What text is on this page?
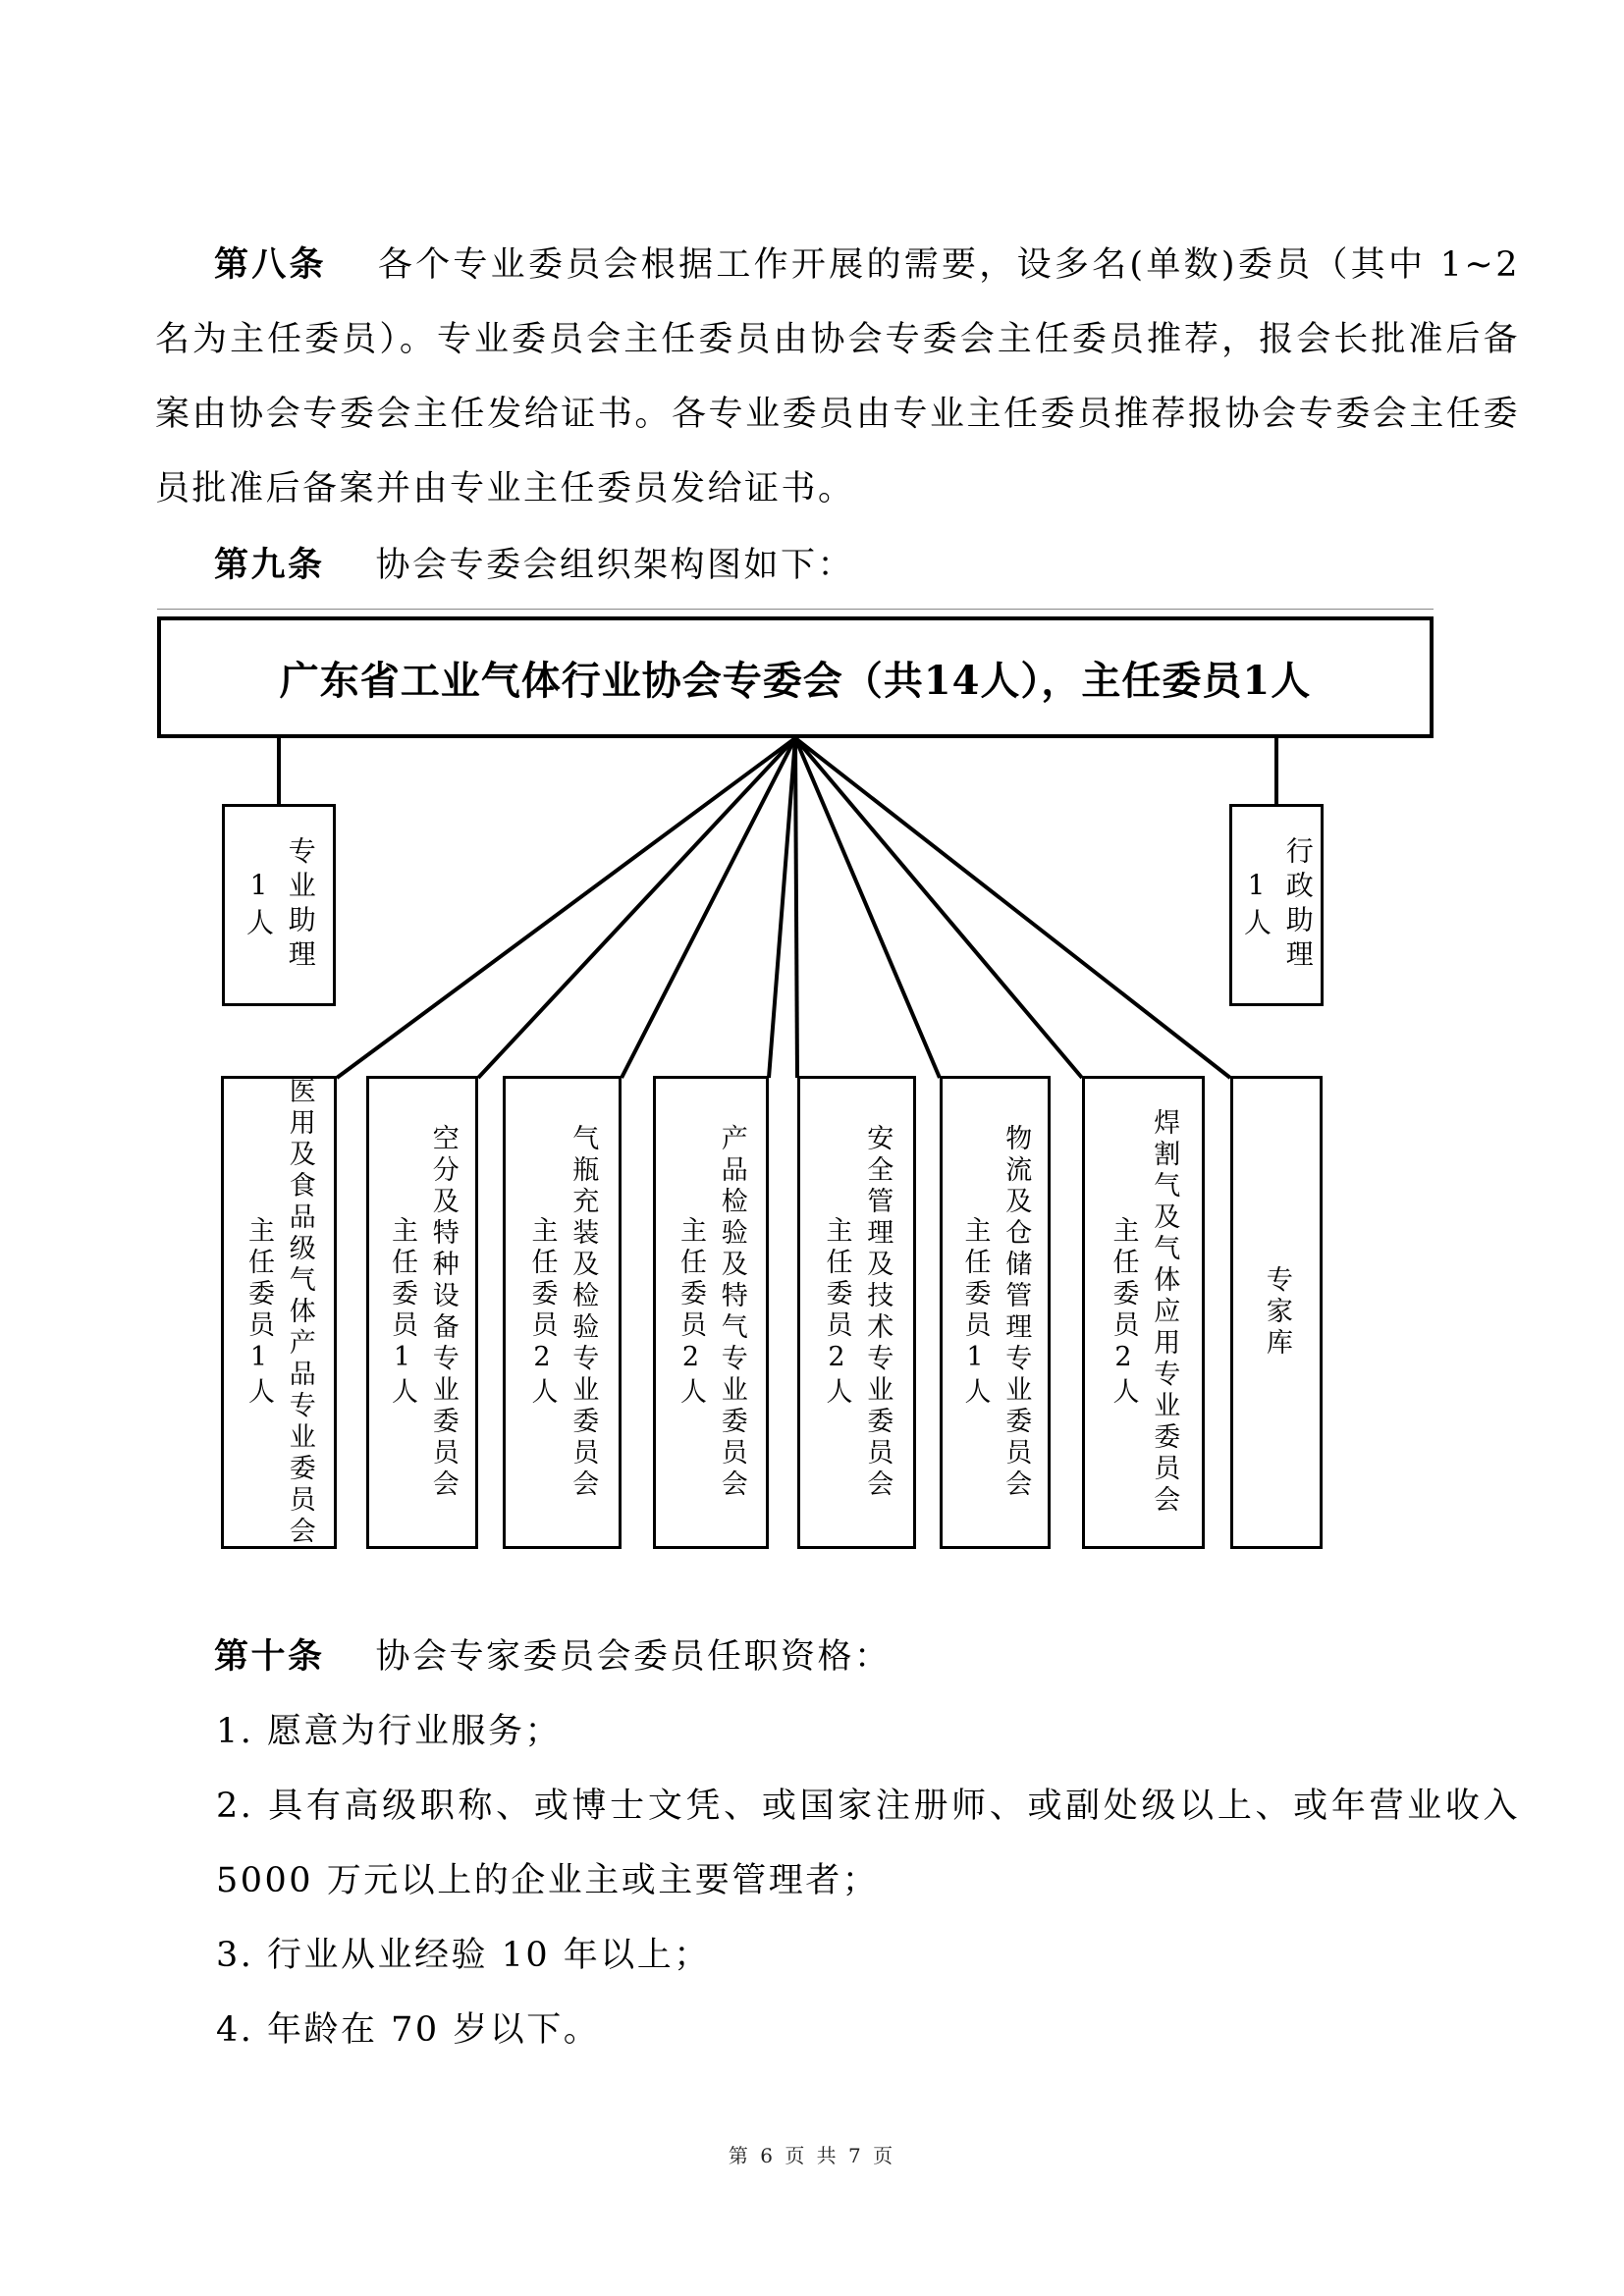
第八条 各个专业委员会根据工作开展的需要，设多名(单数)委员（其中 1~2 名为主任委员）。专业委员会主任委员由协会专委会主任委员推荐，报会长批准后备案由协会专委会主任发给证书。各专业委员由专业主任委员推荐报协会专委会主任委员批准后备案并由专业主任委员发给证书。

第九条 协会专委会组织架构图如下：

广东省工业气体行业协会专委会（共14人），主任委员1人
专业助理
1人	行政助理
1人
医用及食品级气体产品专业委员会
主任委员1人	空分及特种设备专业委员会
主任委员1人	气瓶充装及检验专业委员会
主任委员2人	产品检验及特气专业委员会
主任委员2人	安全管理及技术专业委员会
主任委员2人	物流及仓储管理专业委员会
主任委员1人	焊割气及气体应用专业委员会
主任委员2人	专家库

第十条 协会专家委员会委员任职资格：

1. 愿意为行业服务；

2. 具有高级职称、或博士文凭、或国家注册师、或副处级以上、或年营业收入 5000 万元以上的企业主或主要管理者；

3. 行业从业经验 10 年以上；

4. 年龄在 70 岁以下。

第 6 页 共 7 页
